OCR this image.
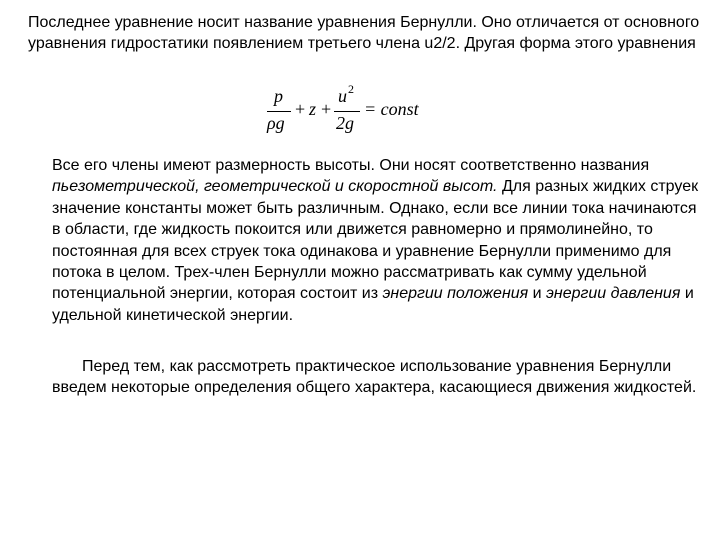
Последнее уравнение носит название уравнения Бернулли. Оно отличается от основного уравнения гидростатики появлением третьего члена u2/2. Другая форма этого уравнения

p
ρg
+ z +
u 2
2g
= const

Все его члены имеют размерность высоты. Они носят соответственно названия пьезометрической, геометрической и скоростной высот. Для разных жидких струек значение константы может быть различным. Однако, если все линии тока начинаются в области, где жидкость покоится или движется равномерно и прямолинейно, то постоянная для всех струек тока одинакова и уравнение Бернулли применимо для потока в целом. Трех-член Бернулли можно рассматривать как сумму удельной потенциальной энергии, которая состоит из энергии положения и энергии давления и удельной кинетической энергии.

Перед тем, как рассмотреть практическое использование уравнения Бернулли введем некоторые определения общего характера, касающиеся движения жидкостей.
